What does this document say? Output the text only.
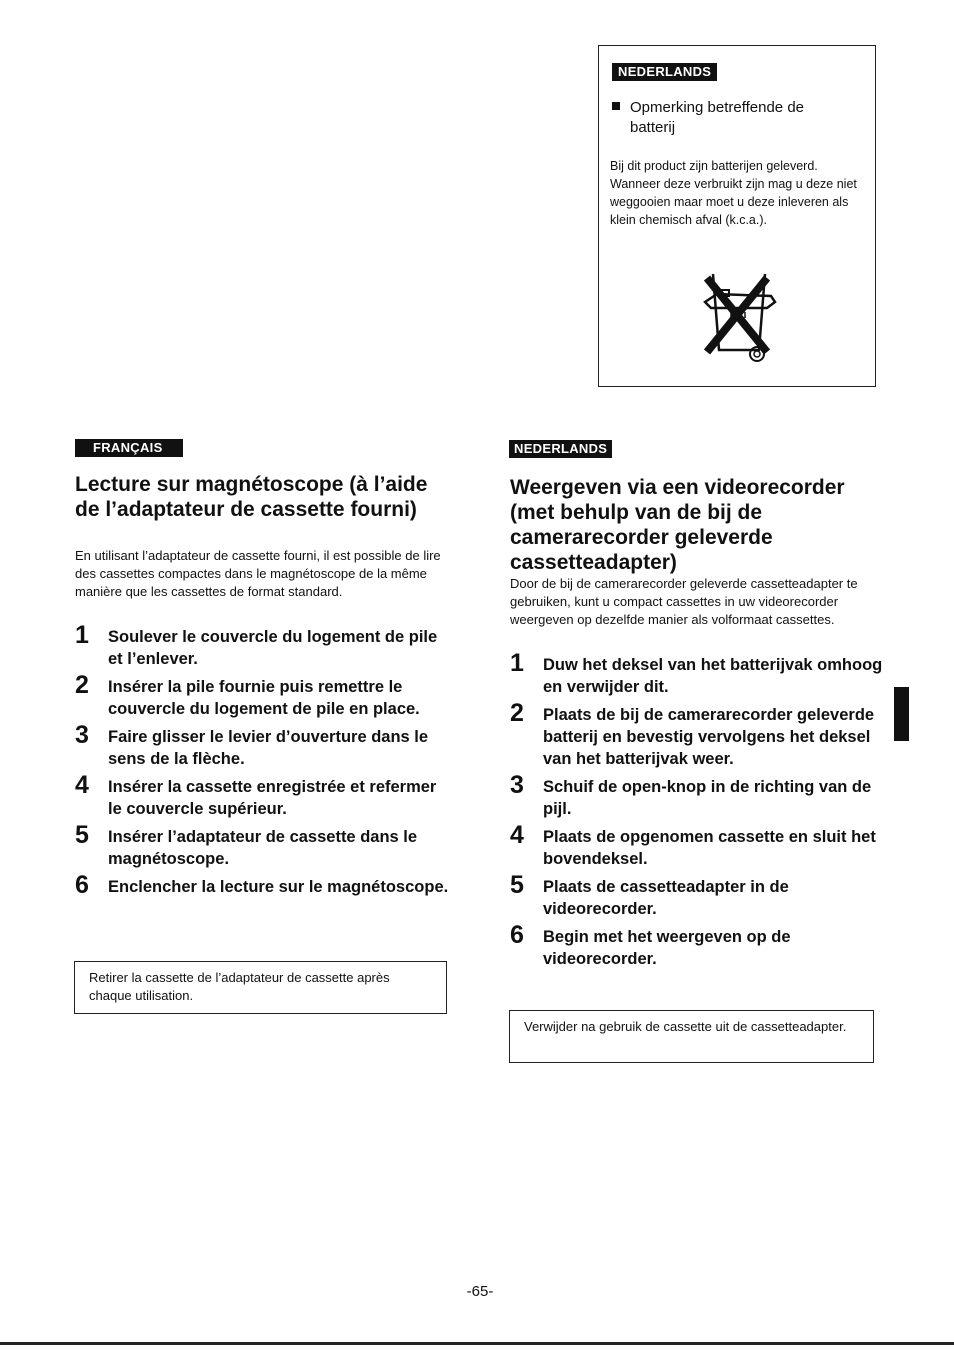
NEDERLANDS
Opmerking betreffende de batterij
Bij dit product zijn batterijen geleverd. Wanneer deze verbruikt zijn mag u deze niet weggooien maar moet u deze inleveren als klein chemisch afval (k.c.a.).
FRANÇAIS
Lecture sur magnétoscope (à l’aide de l’adaptateur de cassette fourni)

En utilisant l’adaptateur de cassette fourni, il est possible de lire des cassettes compactes dans le magnétoscope de la même manière que les cassettes de format standard.

1 Soulever le couvercle du logement de pile et l’enlever.
2 Insérer la pile fournie puis remettre le couvercle du logement de pile en place.
3 Faire glisser le levier d’ouverture dans le sens de la flèche.
4 Insérer la cassette enregistrée et refermer le couvercle supérieur.
5 Insérer l’adaptateur de cassette dans le magnétoscope.
6 Enclencher la lecture sur le magnétoscope.
Retirer la cassette de l’adaptateur de cassette après chaque utilisation.
NEDERLANDS
Weergeven via een videorecorder (met behulp van de bij de camerarecorder geleverde cassetteadapter)

Door de bij de camerarecorder geleverde cassetteadapter te gebruiken, kunt u compact cassettes in uw videorecorder weergeven op dezelfde manier als volformaat cassettes.

1 Duw het deksel van het batterijvak omhoog en verwijder dit.
2 Plaats de bij de camerarecorder geleverde batterij en bevestig vervolgens het deksel van het batterijvak weer.
3 Schuif de open-knop in de richting van de pijl.
4 Plaats de opgenomen cassette en sluit het bovendeksel.
5 Plaats de cassetteadapter in de videorecorder.
6 Begin met het weergeven op de videorecorder.
Verwijder na gebruik de cassette uit de cassetteadapter.
-65-
